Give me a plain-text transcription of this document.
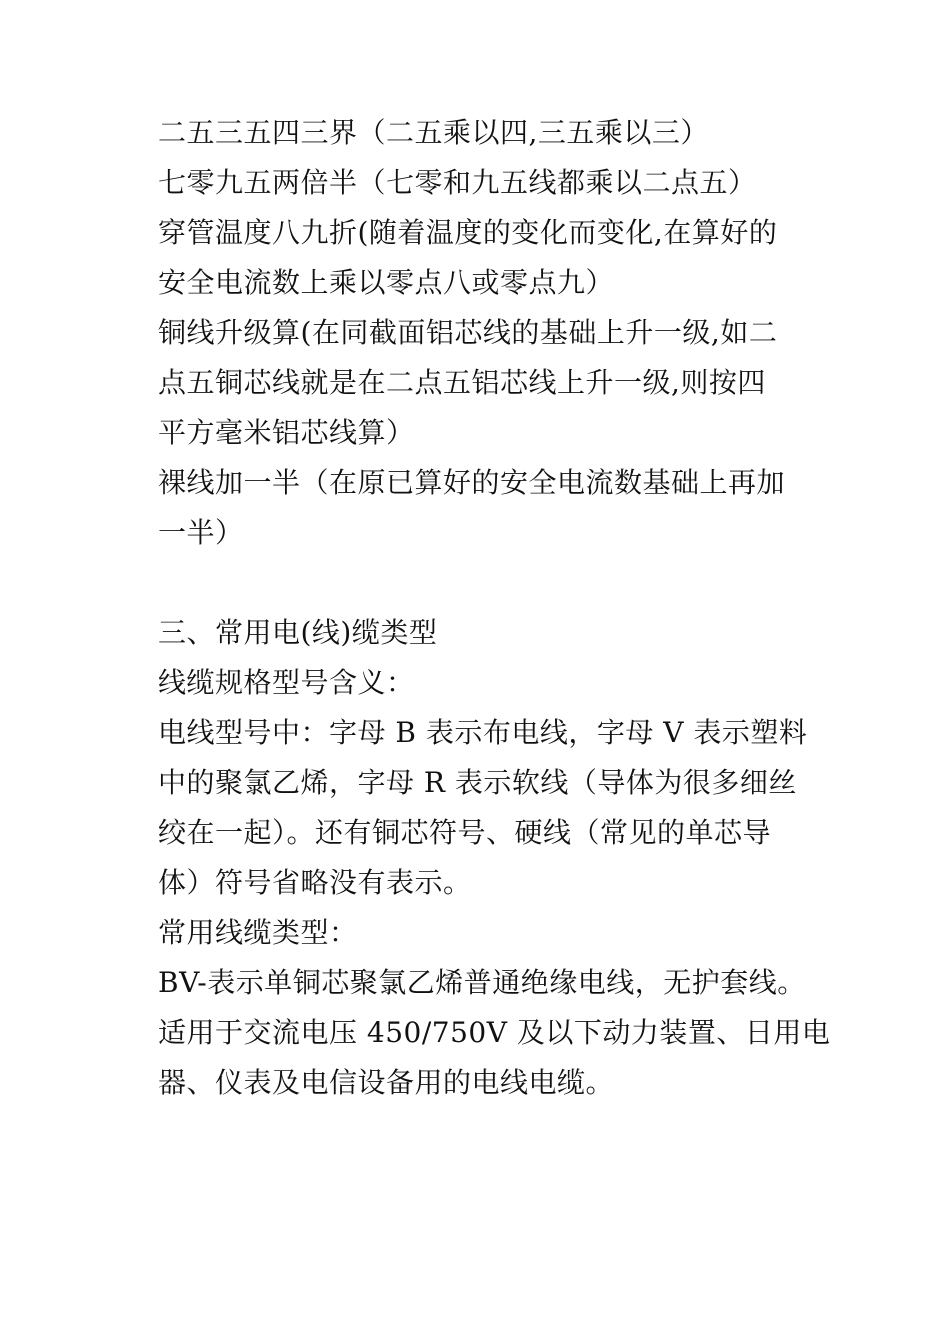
二五三五四三界（二五乘以四,三五乘以三）
七零九五两倍半（七零和九五线都乘以二点五）
穿管温度八九折(随着温度的变化而变化,在算好的
安全电流数上乘以零点八或零点九）
铜线升级算(在同截面铝芯线的基础上升一级,如二
点五铜芯线就是在二点五铝芯线上升一级,则按四
平方毫米铝芯线算）
裸线加一半（在原已算好的安全电流数基础上再加
一半）
三、常用电(线)缆类型
线缆规格型号含义：
电线型号中：字母 B 表示布电线，字母 V 表示塑料
中的聚氯乙烯，字母 R 表示软线（导体为很多细丝
绞在一起）。还有铜芯符号、硬线（常见的单芯导
体）符号省略没有表示。
常用线缆类型：
BV-表示单铜芯聚氯乙烯普通绝缘电线，无护套线。
适用于交流电压 450/750V 及以下动力装置、日用电
器、仪表及电信设备用的电线电缆。
